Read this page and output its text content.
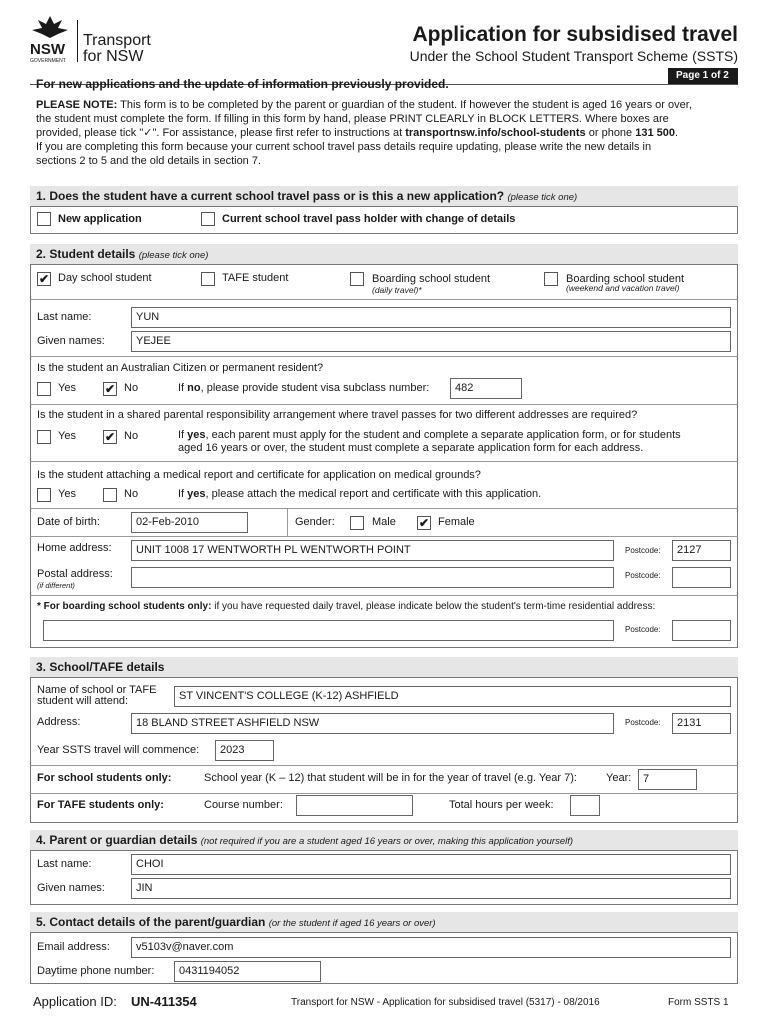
NSW
GOVERNMENT
Transport
for NSW
Application for subsidised travel
Under the School Student Transport Scheme (SSTS)
Page 1 of 2
For new applications and the update of information previously provided.
PLEASE NOTE: This form is to be completed by the parent or guardian of the student. If however the student is aged 16 years or over,
the student must complete the form. If filling in this form by hand, please PRINT CLEARLY in BLOCK LETTERS. Where boxes are
provided, please tick "✓". For assistance, please first refer to instructions at transportnsw.info/school-students or phone 131 500.
If you are completing this form because your current school travel pass details require updating, please write the new details in
sections 2 to 5 and the old details in section 7.
1. Does the student have a current school travel pass or is this a new application? (please tick one)
New application	Current school travel pass holder with change of details
2. Student details (please tick one)
✔ Day school student	TAFE student	Boarding school student
(daily travel)*
Boarding school student
(weekend and vacation travel)
Last name:	YUN
Given names:	YEJEE
Is the student an Australian Citizen or permanent resident?
Yes ✔ No	If no, please provide student visa subclass number:	482
Is the student in a shared parental responsibility arrangement where travel passes for two different addresses are required?
Yes ✔ No	If yes, each parent must apply for the student and complete a separate application form, or for students
aged 16 years or over, the student must complete a separate application form for each address.
Is the student attaching a medical report and certificate for application on medical grounds?
Yes	No	If yes, please attach the medical report and certificate with this application.
Date of birth:	02-Feb-2010	Gender:	Male ✔ Female
Home address:	UNIT 1008 17 WENTWORTH PL WENTWORTH POINT	Postcode:	2127
Postal address:
(if different)
Postcode:
* For boarding school students only: if you have requested daily travel, please indicate below the student's term-time residential address:
Postcode:
3. School/TAFE details
Name of school or TAFE
student will attend:	ST VINCENT'S COLLEGE (K-12) ASHFIELD
Address:	18 BLAND STREET ASHFIELD NSW	Postcode:	2131
Year SSTS travel will commence:	2023
For school students only:	School year (K – 12) that student will be in for the year of travel (e.g. Year 7):	Year:	7
For TAFE students only:	Course number:	Total hours per week:
4. Parent or guardian details (not required if you are a student aged 16 years or over, making this application yourself)
Last name:	CHOI
Given names:	JIN
5. Contact details of the parent/guardian (or the student if aged 16 years or over)
Email address:	v5103v@naver.com
Daytime phone number:	0431194052
Application ID: UN-411354	Transport for NSW - Application for subsidised travel (5317) - 08/2016	Form SSTS 1
